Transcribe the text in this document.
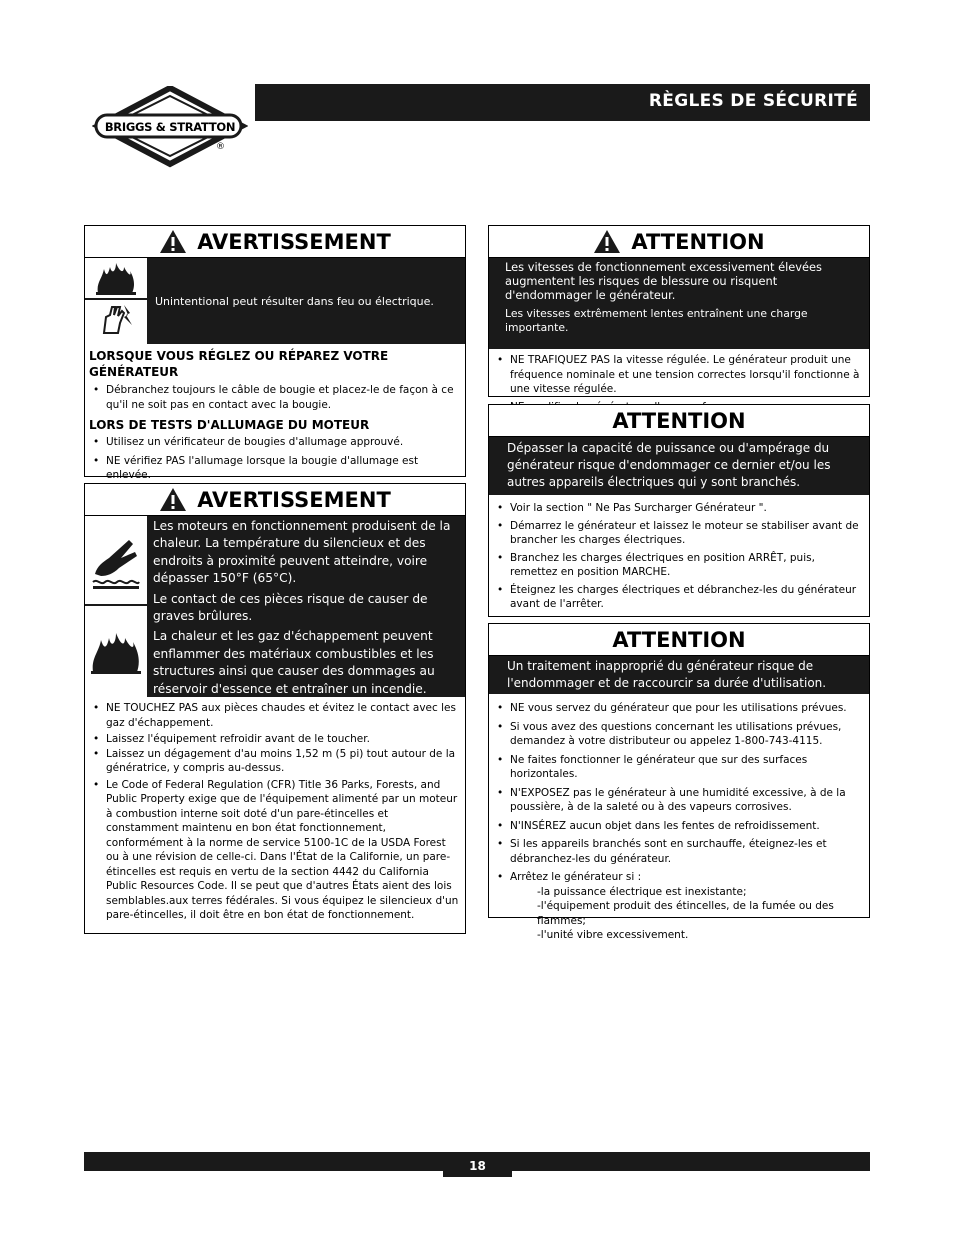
BRIGGS & STRATTON
®
RÈGLES DE SÉCURITÉ
AVERTISSEMENT
Unintentional peut résulter dans feu ou électrique.
LORSQUE VOUS RÉGLEZ OU RÉPAREZ VOTRE GÉNÉRATEUR
• Débranchez toujours le câble de bougie et placez-le de façon à ce qu'il ne soit pas en contact avec la bougie.
LORS DE TESTS D'ALLUMAGE DU MOTEUR
• Utilisez un vérificateur de bougies d'allumage approuvé.
• NE vérifiez PAS l'allumage lorsque la bougie d'allumage est enlevée.
AVERTISSEMENT
Les moteurs en fonctionnement produisent de la chaleur. La température du silencieux et des endroits à proximité peuvent atteindre, voire dépasser 150°F (65°C).
Le contact de ces pièces risque de causer de graves brûlures.
La chaleur et les gaz d'échappement peuvent enflammer des matériaux combustibles et les structures ainsi que causer des dommages au réservoir d'essence et entraîner un incendie.
• NE TOUCHEZ PAS aux pièces chaudes et évitez le contact avec les gaz d'échappement.
• Laissez l'équipement refroidir avant de le toucher.
• Laissez un dégagement d'au moins 1,52 m (5 pi) tout autour de la génératrice, y compris au-dessus.
• Le Code of Federal Regulation (CFR) Title 36 Parks, Forests, and Public Property exige que de l'équipement alimenté par un moteur à combustion interne soit doté d'un pare-étincelles et constamment maintenu en bon état fonctionnement, conformément à la norme de service 5100-1C de la USDA Forest ou à une révision de celle-ci. Dans l'État de la Californie, un pare-étincelles est requis en vertu de la section 4442 du California Public Resources Code. Il se peut que d'autres États aient des lois semblables.aux terres fédérales. Si vous équipez le silencieux d'un pare-étincelles, il doit être en bon état de fonctionnement.
ATTENTION
Les vitesses de fonctionnement excessivement élevées augmentent les risques de blessure ou risquent d'endommager le générateur.
Les vitesses extrêmement lentes entraînent une charge importante.
• NE TRAFIQUEZ PAS la vitesse régulée. Le générateur produit une fréquence nominale et une tension correctes lorsqu'il fonctionne à une vitesse régulée.
•
ATTENTION
Dépasser la capacité de puissance ou d'ampérage du générateur risque d'endommager ce dernier et/ou les autres appareils électriques qui y sont branchés.
• Voir la section " Ne Pas Surcharger Générateur ".
• Démarrez le générateur et laissez le moteur se stabiliser avant de brancher les charges électriques.
• Branchez les charges électriques en position ARRÊT, puis, remettez en position MARCHE.
• Éteignez les charges électriques et débranchez-les du générateur avant de l'arrêter.
ATTENTION
Un traitement inapproprié du générateur risque de l'endommager et de raccourcir sa durée d'utilisation.
• NE vous servez du générateur que pour les utilisations prévues.
• Si vous avez des questions concernant les utilisations prévues, demandez à votre distributeur ou appelez 1-800-743-4115.
• Ne faites fonctionner le générateur que sur des surfaces horizontales.
• N'EXPOSEZ pas le générateur à une humidité excessive, à de la poussière, à de la saleté ou à des vapeurs corrosives.
• N'INSÉREZ aucun objet dans les fentes de refroidissement.
• Si les appareils branchés sont en surchauffe, éteignez-les et débranchez-les du générateur.
• Arrêtez le générateur si :
-la puissance électrique est inexistante;
-l'équipement produit des étincelles, de la fumée ou des flammes;
-l'unité vibre excessivement.
18
